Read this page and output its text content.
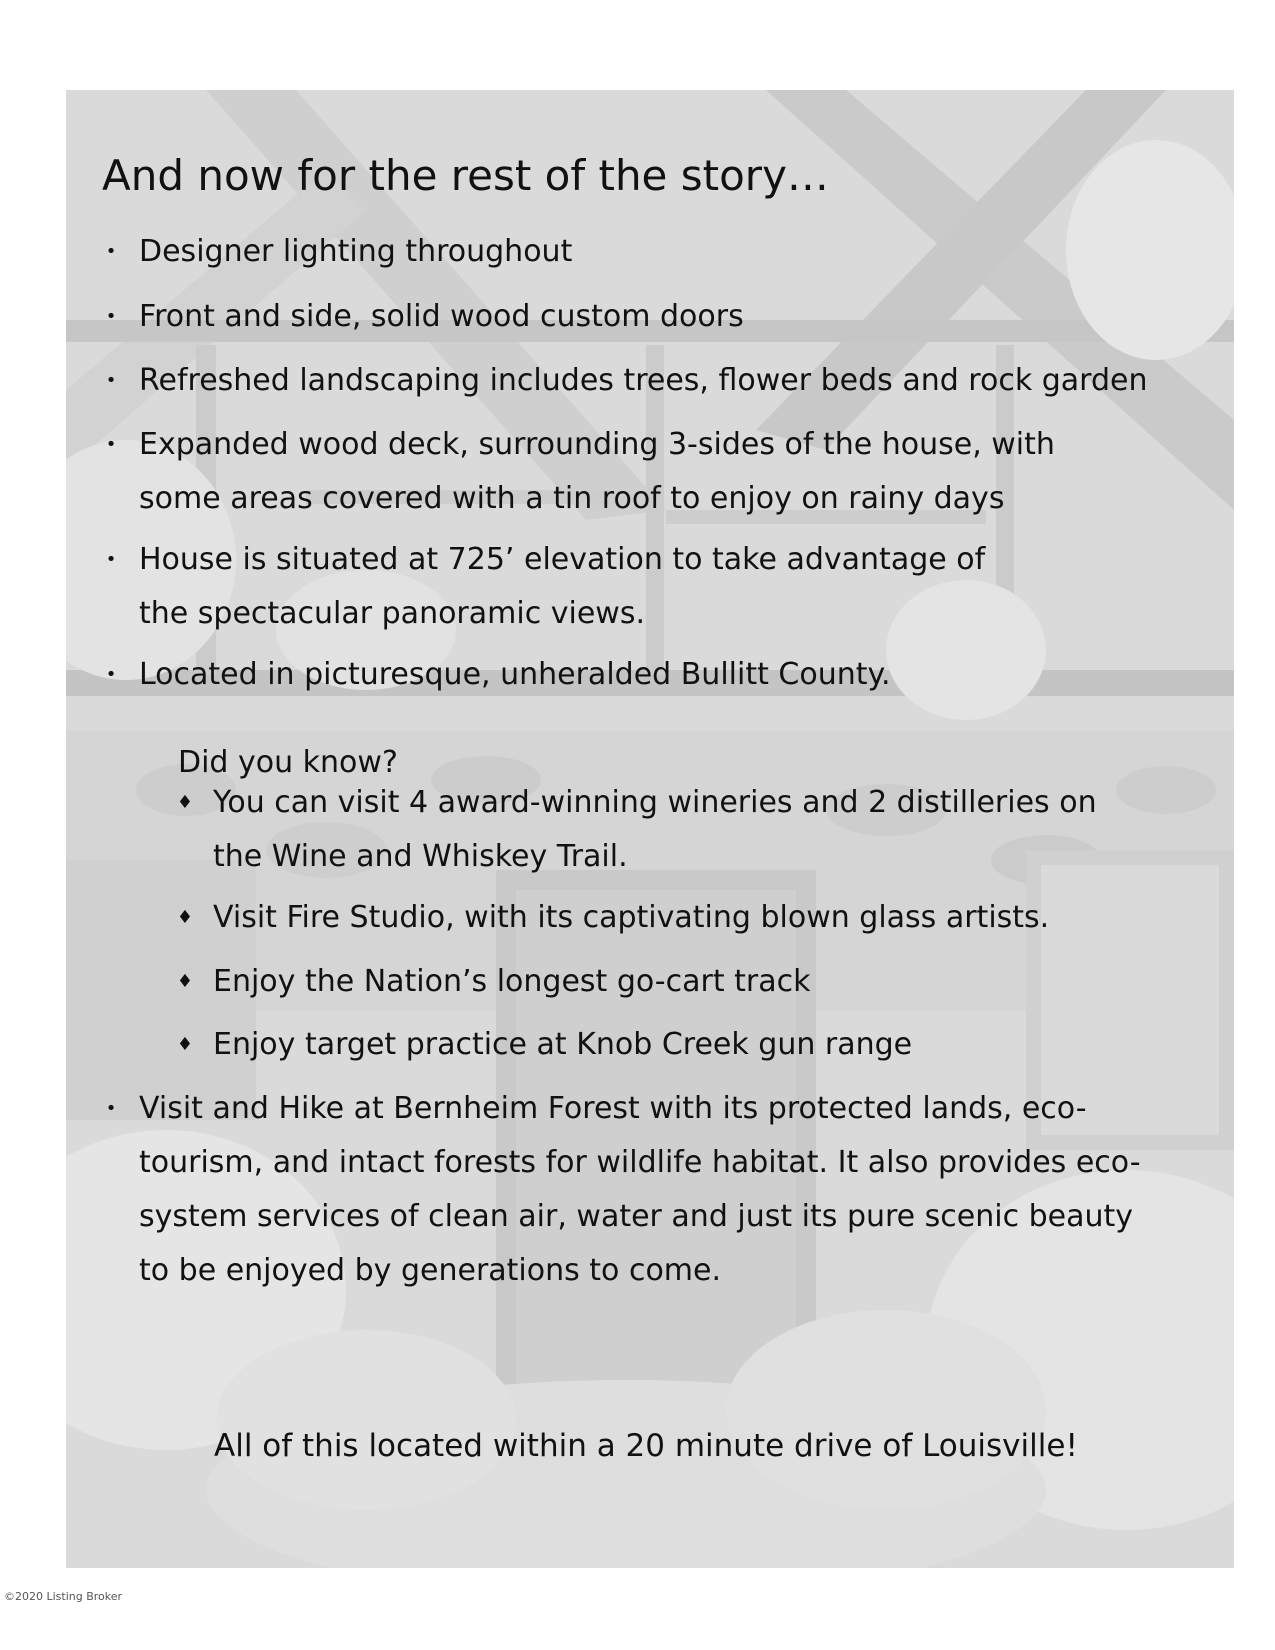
And now for the rest of the story…
• Designer lighting throughout
• Front and side, solid wood custom doors
• Refreshed landscaping includes trees, flower beds and rock garden
• Expanded wood deck, surrounding 3-sides of the house, with some areas covered with a tin roof to enjoy on rainy days
• House is situated at 725’ elevation to take advantage of the spectacular panoramic views.
• Located in picturesque, unheralded Bullitt County.
Did you know?
♦ You can visit 4 award-winning wineries and 2 distilleries on the Wine and Whiskey Trail.
♦ Visit Fire Studio, with its captivating blown glass artists.
♦ Enjoy the Nation’s longest go-cart track
♦ Enjoy target practice at Knob Creek gun range
• Visit and Hike at Bernheim Forest with its protected lands, eco-tourism, and intact forests for wildlife habitat. It also provides eco-system services of clean air, water and just its pure scenic beauty to be enjoyed by generations to come.
All of this located within a 20 minute drive of Louisville!
©2020 Listing Broker
